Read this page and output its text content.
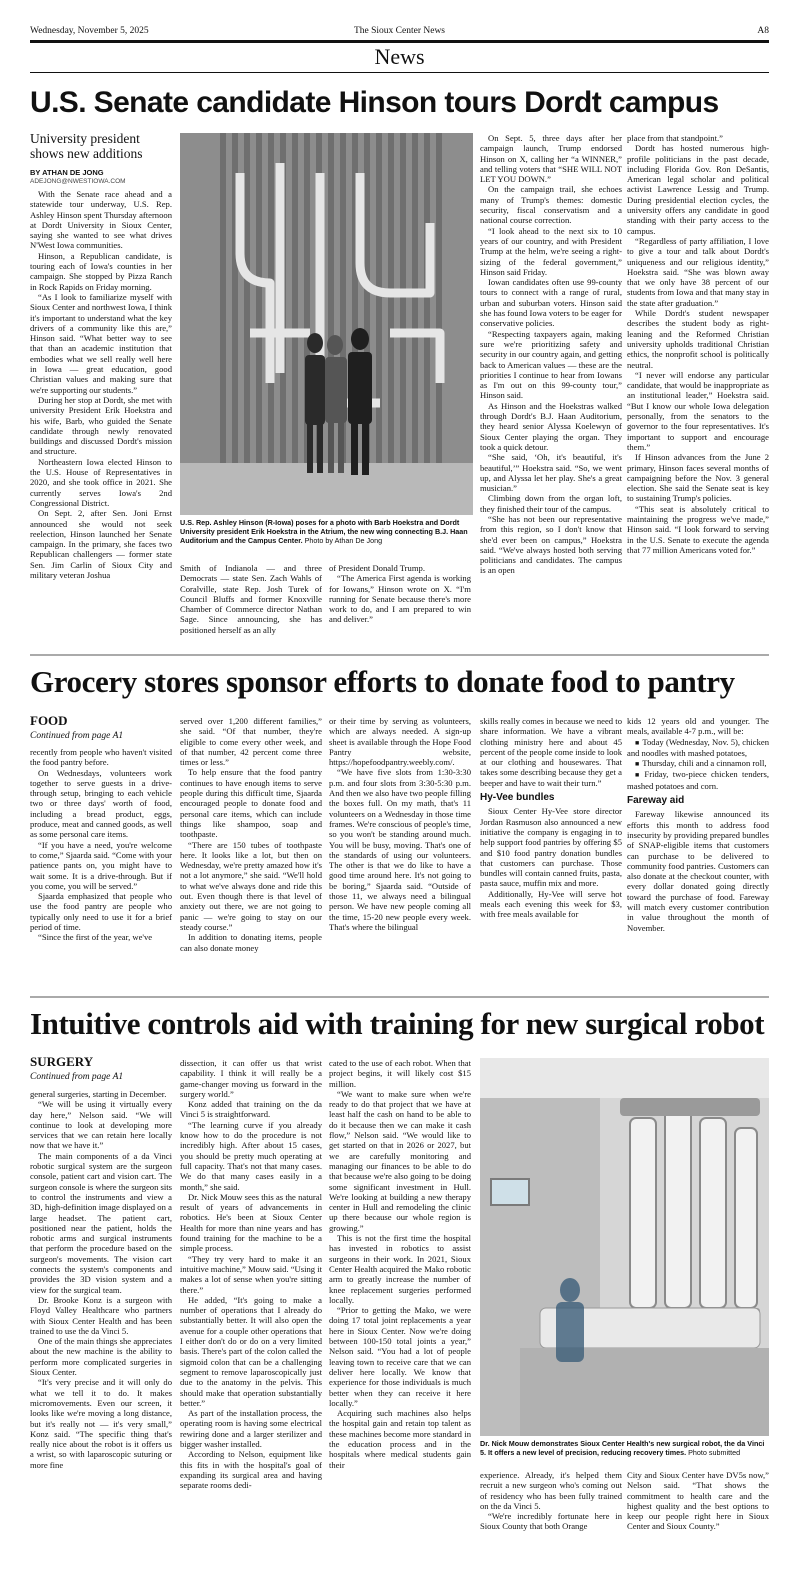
Wednesday, November 5, 2025	The Sioux Center News	A8
News
U.S. Senate candidate Hinson tours Dordt campus
University president shows new additions
BY ATHAN DE JONG
ADEJONG@NWESTIOWA.COM

With the Senate race ahead and a statewide tour underway, U.S. Rep. Ashley Hinson spent Thursday afternoon at Dordt University in Sioux Center, saying she wanted to see what drives N'West Iowa communities.

Hinson, a Republican candidate, is touring each of Iowa's counties in her campaign. She stopped by Pizza Ranch in Rock Rapids on Friday morning.

“As I look to familiarize myself with Sioux Center and northwest Iowa, I think it's important to understand what the key drivers of a community like this are,” Hinson said. “What better way to see that than an academic institution that embodies what we sell really well here in Iowa — great education, good Christian values and making sure that we're supporting our students.”

During her stop at Dordt, she met with university President Erik Hoekstra and his wife, Barb, who guided the Senate candidate through newly renovated buildings and discussed Dordt's mission and structure.

Northeastern Iowa elected Hinson to the U.S. House of Representatives in 2020, and she took office in 2021. She currently serves Iowa's 2nd Congressional District.

On Sept. 2, after Sen. Joni Ernst announced she would not seek reelection, Hinson launched her Senate campaign. In the primary, she faces two Republican challengers — former state Sen. Jim Carlin of Sioux City and military veteran Joshua

U.S. Rep. Ashley Hinson (R-Iowa) poses for a photo with Barb Hoekstra and Dordt University president Erik Hoekstra in the Atrium, the new wing connecting B.J. Haan Auditorium and the Campus Center. Photo by Athan De Jong

Smith of Indianola — and three Democrats — state Sen. Zach Wahls of Coralville, state Rep. Josh Turek of Council Bluffs and former Knoxville Chamber of Commerce director Nathan Sage. Since announcing, she has positioned herself as an ally

of President Donald Trump.

“The America First agenda is working for Iowans,” Hinson wrote on X. “I'm running for Senate because there's more work to do, and I am prepared to win and deliver.”

On Sept. 5, three days after her campaign launch, Trump endorsed Hinson on X, calling her “a WINNER,” and telling voters that “SHE WILL NOT LET YOU DOWN.”

On the campaign trail, she echoes many of Trump's themes: domestic security, fiscal conservatism and a national course correction.

“I look ahead to the next six to 10 years of our country, and with President Trump at the helm, we're seeing a right-sizing of the federal government,” Hinson said Friday.

Iowan candidates often use 99-county tours to connect with a range of rural, urban and suburban voters. Hinson said she has found Iowa voters to be eager for conservative policies.

“Respecting taxpayers again, making sure we're prioritizing safety and security in our country again, and getting back to American values — these are the priorities I continue to hear from Iowans as I'm out on this 99-county tour,” Hinson said.

As Hinson and the Hoekstras walked through Dordt's B.J. Haan Auditorium, they heard senior Alyssa Koelewyn of Sioux Center playing the organ. They took a quick detour.

“She said, ‘Oh, it's beautiful, it's beautiful,’” Hoekstra said. “So, we went up, and Alyssa let her play. She's a great musician.”

Climbing down from the organ loft, they finished their tour of the campus.

“She has not been our representative from this region, so I don't know that she'd ever been on campus,” Hoekstra said. “We've always hosted both serving politicians and candidates. The campus is an open

place from that standpoint.”

Dordt has hosted numerous high-profile politicians in the past decade, including Florida Gov. Ron DeSantis, American legal scholar and political activist Lawrence Lessig and Trump. During presidential election cycles, the university offers any candidate in good standing with their party access to the campus.

“Regardless of party affiliation, I love to give a tour and talk about Dordt's uniqueness and our religious identity,” Hoekstra said. “She was blown away that we only have 38 percent of our students from Iowa and that many stay in the state after graduation.”

While Dordt's student newspaper describes the student body as right-leaning and the Reformed Christian university upholds traditional Christian ethics, the nonprofit school is politically neutral.

“I never will endorse any particular candidate, that would be inappropriate as an institutional leader,” Hoekstra said. “But I know our whole Iowa delegation personally, from the senators to the governor to the four representatives. It's important to support and encourage them.”

If Hinson advances from the June 2 primary, Hinson faces several months of campaigning before the Nov. 3 general election. She said the Senate seat is key to sustaining Trump's policies.

“This seat is absolutely critical to maintaining the progress we've made,” Hinson said. “I look forward to serving in the U.S. Senate to execute the agenda that 77 million Americans voted for.”

Grocery stores sponsor efforts to donate food to pantry
FOOD
Continued from page A1

recently from people who haven't visited the food pantry before.

On Wednesdays, volunteers work together to serve guests in a drive-through setup, bringing to each vehicle two or three days' worth of food, including a bread product, eggs, produce, meat and canned goods, as well as some personal care items.

“If you have a need, you're welcome to come,” Sjaarda said. “Come with your patience pants on, you might have to wait some. It is a drive-through. But if you come, you will be served.”

Sjaarda emphasized that people who use the food pantry are people who typically only need to use it for a brief period of time.

“Since the first of the year, we've

served over 1,200 different families,” she said. “Of that number, they're eligible to come every other week, and of that number, 42 percent come three times or less.”

To help ensure that the food pantry continues to have enough items to serve people during this difficult time, Sjaarda encouraged people to donate food and personal care items, which can include things like shampoo, soap and toothpaste.

“There are 150 tubes of toothpaste here. It looks like a lot, but then on Wednesday, we're pretty amazed how it's not a lot anymore,” she said. “We'll hold to what we've always done and ride this out. Even though there is that level of anxiety out there, we are not going to panic — we're going to stay on our steady course.”

In addition to donating items, people can also donate money

or their time by serving as volunteers, which are always needed. A sign-up sheet is available through the Hope Food Pantry website, https://hopefoodpantry.weebly.com/.

“We have five slots from 1:30-3:30 p.m. and four slots from 3:30-5:30 p.m. And then we also have two people filling the boxes full. On my math, that's 11 volunteers on a Wednesday in those time frames. We're conscious of people's time, so you won't be standing around much. You will be busy, moving. That's one of the standards of using our volunteers. The other is that we do like to have a good time around here. It's not going to be boring,” Sjaarda said. “Outside of those 11, we always need a bilingual person. We have new people coming all the time, 15-20 new people every week. That's where the bilingual

skills really comes in because we need to share information. We have a vibrant clothing ministry here and about 45 percent of the people come inside to look at our clothing and housewares. That takes some describing because they get a beeper and have to wait their turn.”

Hy-Vee bundles

Sioux Center Hy-Vee store director Jordan Rasmuson also announced a new initiative the company is engaging in to help support food pantries by offering $5 and $10 food pantry donation bundles that customers can purchase. Those bundles will contain canned fruits, pasta, pasta sauce, muffin mix and more.

Additionally, Hy-Vee will serve hot meals each evening this week for $3, with free meals available for

kids 12 years old and younger. The meals, available 4-7 p.m., will be:

■ Today (Wednesday, Nov. 5), chicken and noodles with mashed potatoes,

■ Thursday, chili and a cinnamon roll,

■ Friday, two-piece chicken tenders, mashed potatoes and corn.

Fareway aid

Fareway likewise announced its efforts this month to address food insecurity by providing prepared bundles of SNAP-eligible items that customers can purchase to be delivered to community food pantries. Customers can also donate at the checkout counter, with every dollar donated going directly toward the purchase of food. Fareway will match every customer contribution in value throughout the month of November.

Intuitive controls aid with training for new surgical robot
SURGERY
Continued from page A1

general surgeries, starting in December.

“We will be using it virtually every day here,” Nelson said. “We will continue to look at developing more services that we can retain here locally now that we have it.”

The main components of a da Vinci robotic surgical system are the surgeon console, patient cart and vision cart. The surgeon console is where the surgeon sits to control the instruments and view a 3D, high-definition image displayed on a large headset. The patient cart, positioned near the patient, holds the robotic arms and surgical instruments that perform the procedure based on the surgeon's movements. The vision cart connects the system's components and provides the 3D vision system and a view for the surgical team.

Dr. Brooke Konz is a surgeon with Floyd Valley Healthcare who partners with Sioux Center Health and has been trained to use the da Vinci 5.

One of the main things she appreciates about the new machine is the ability to perform more complicated surgeries in Sioux Center.

“It's very precise and it will only do what we tell it to do. It makes micromovements. Even our screen, it looks like we're moving a long distance, but it's really not — it's very small,” Konz said. “The specific thing that's really nice about the robot is it offers us a wrist, so with laparoscopic suturing or more fine

dissection, it can offer us that wrist capability. I think it will really be a game-changer moving us forward in the surgery world.”

Konz added that training on the da Vinci 5 is straightforward.

“The learning curve if you already know how to do the procedure is not incredibly high. After about 15 cases, you should be pretty much operating at full capacity. That's not that many cases. We do that many cases easily in a month,” she said.

Dr. Nick Mouw sees this as the natural result of years of advancements in robotics. He's been at Sioux Center Health for more than nine years and has found training for the machine to be a simple process.

“They try very hard to make it an intuitive machine,” Mouw said. “Using it makes a lot of sense when you're sitting there.”

He added, “It's going to make a number of operations that I already do substantially better. It will also open the avenue for a couple other operations that I either don't do or do on a very limited basis. There's part of the colon called the sigmoid colon that can be a challenging segment to remove laparoscopically just due to the anatomy in the pelvis. This should make that operation substantially better.”

As part of the installation process, the operating room is having some electrical rewiring done and a larger sterilizer and bigger washer installed.

According to Nelson, equipment like this fits in with the hospital's goal of expanding its surgical area and having separate rooms dedi-

cated to the use of each robot. When that project begins, it will likely cost $15 million.

“We want to make sure when we're ready to do that project that we have at least half the cash on hand to be able to do it because then we can make it cash flow,” Nelson said. “We would like to get started on that in 2026 or 2027, but we are carefully monitoring and managing our finances to be able to do that because we're also going to be doing some significant investment in Hull. We're looking at building a new therapy center in Hull and remodeling the clinic up there because our whole region is growing.”

This is not the first time the hospital has invested in robotics to assist surgeons in their work. In 2021, Sioux Center Health acquired the Mako robotic arm to greatly increase the number of knee replacement surgeries performed locally.

“Prior to getting the Mako, we were doing 17 total joint replacements a year here in Sioux Center. Now we're doing between 100-150 total joints a year,” Nelson said. “You had a lot of people leaving town to receive care that we can deliver here locally. We know that experience for those individuals is much better when they can receive it here locally.”

Acquiring such machines also helps the hospital gain and retain top talent as these machines become more standard in the education process and in the hospitals where medical students gain their

Dr. Nick Mouw demonstrates Sioux Center Health's new surgical robot, the da Vinci 5. It offers a new level of precision, reducing recovery times. Photo submitted

experience. Already, it's helped them recruit a new surgeon who's coming out of residency who has been fully trained on the da Vinci 5.

“We're incredibly fortunate here in Sioux County that both Orange

City and Sioux Center have DV5s now,” Nelson said. “That shows the commitment to health care and the highest quality and the best options to keep our people right here in Sioux Center and Sioux County.”
